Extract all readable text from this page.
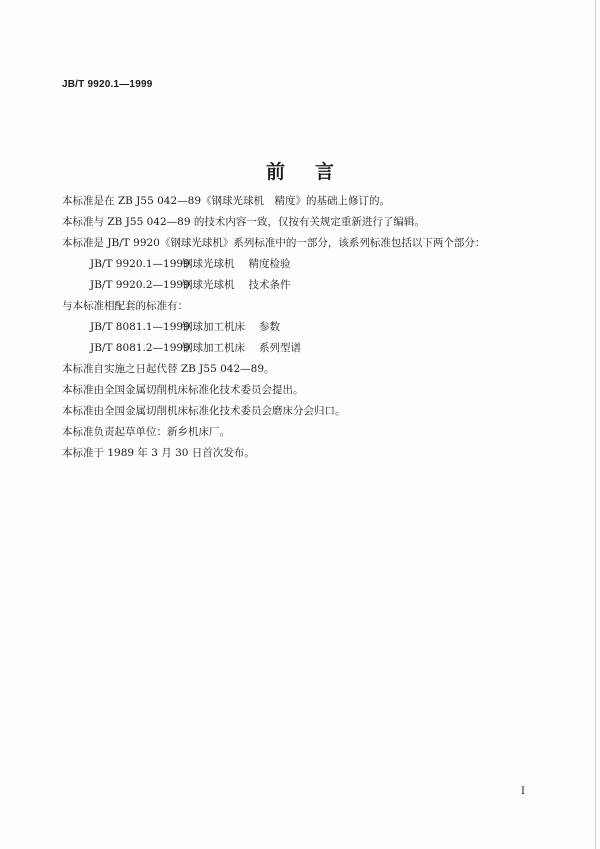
JB/T 9920.1—1999
前 言
本标准是在 ZB J55 042—89《钢球光球机　精度》的基础上修订的。
本标准与 ZB J55 042—89 的技术内容一致，仅按有关规定重新进行了编辑。
本标准是 JB/T 9920《钢球光球机》系列标准中的一部分，该系列标准包括以下两个部分：
JB/T 9920.1—1999钢球光球机 精度检验
JB/T 9920.2—1999钢球光球机 技术条件
与本标准相配套的标准有：
JB/T 8081.1—1999钢球加工机床 参数
JB/T 8081.2—1999钢球加工机床 系列型谱
本标准自实施之日起代替 ZB J55 042—89。
本标准由全国金属切削机床标准化技术委员会提出。
本标准由全国金属切削机床标准化技术委员会磨床分会归口。
本标准负责起草单位：新乡机床厂。
本标准于 1989 年 3 月 30 日首次发布。
I
